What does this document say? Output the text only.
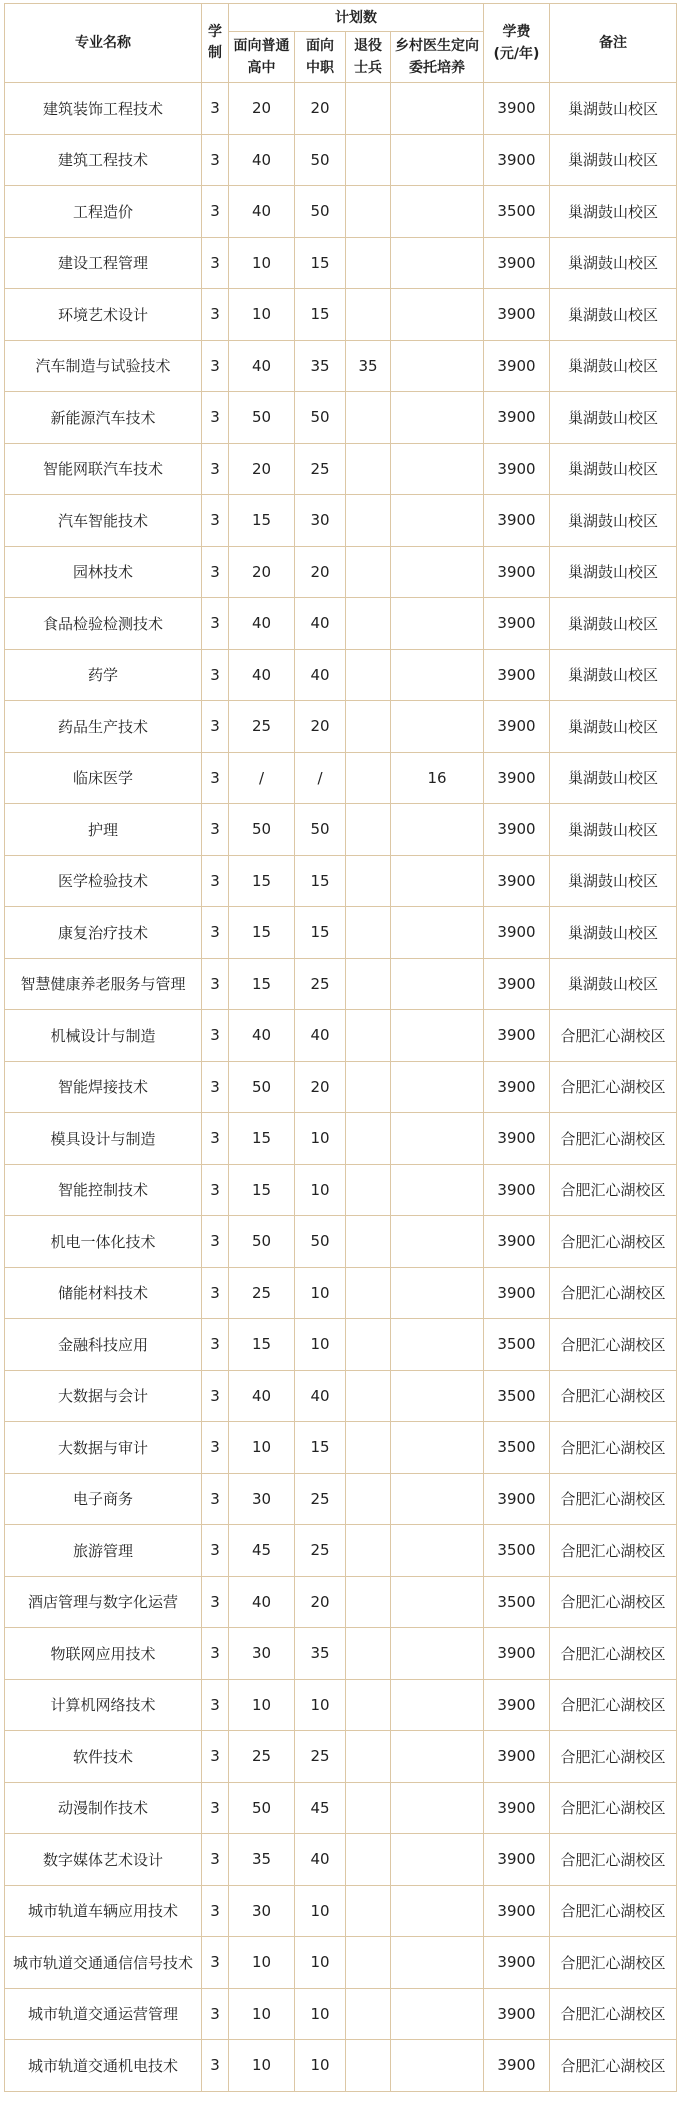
专业名称	学制	计划数				学费(元/年)	备注
		面向普通高中	面向中职	退役士兵	乡村医生定向委托培养		
建筑装饰工程技术	3	20	20			3900	巢湖鼓山校区
建筑工程技术	3	40	50			3900	巢湖鼓山校区
工程造价	3	40	50			3500	巢湖鼓山校区
建设工程管理	3	10	15			3900	巢湖鼓山校区
环境艺术设计	3	10	15			3900	巢湖鼓山校区
汽车制造与试验技术	3	40	35	35		3900	巢湖鼓山校区
新能源汽车技术	3	50	50			3900	巢湖鼓山校区
智能网联汽车技术	3	20	25			3900	巢湖鼓山校区
汽车智能技术	3	15	30			3900	巢湖鼓山校区
园林技术	3	20	20			3900	巢湖鼓山校区
食品检验检测技术	3	40	40			3900	巢湖鼓山校区
药学	3	40	40			3900	巢湖鼓山校区
药品生产技术	3	25	20			3900	巢湖鼓山校区
临床医学	3	/	/		16	3900	巢湖鼓山校区
护理	3	50	50			3900	巢湖鼓山校区
医学检验技术	3	15	15			3900	巢湖鼓山校区
康复治疗技术	3	15	15			3900	巢湖鼓山校区
智慧健康养老服务与管理	3	15	25			3900	巢湖鼓山校区
机械设计与制造	3	40	40			3900	合肥汇心湖校区
智能焊接技术	3	50	20			3900	合肥汇心湖校区
模具设计与制造	3	15	10			3900	合肥汇心湖校区
智能控制技术	3	15	10			3900	合肥汇心湖校区
机电一体化技术	3	50	50			3900	合肥汇心湖校区
储能材料技术	3	25	10			3900	合肥汇心湖校区
金融科技应用	3	15	10			3500	合肥汇心湖校区
大数据与会计	3	40	40			3500	合肥汇心湖校区
大数据与审计	3	10	15			3500	合肥汇心湖校区
电子商务	3	30	25			3900	合肥汇心湖校区
旅游管理	3	45	25			3500	合肥汇心湖校区
酒店管理与数字化运营	3	40	20			3500	合肥汇心湖校区
物联网应用技术	3	30	35			3900	合肥汇心湖校区
计算机网络技术	3	10	10			3900	合肥汇心湖校区
软件技术	3	25	25			3900	合肥汇心湖校区
动漫制作技术	3	50	45			3900	合肥汇心湖校区
数字媒体艺术设计	3	35	40			3900	合肥汇心湖校区
城市轨道车辆应用技术	3	30	10			3900	合肥汇心湖校区
城市轨道交通通信信号技术	3	10	10			3900	合肥汇心湖校区
城市轨道交通运营管理	3	10	10			3900	合肥汇心湖校区
城市轨道交通机电技术	3	10	10			3900	合肥汇心湖校区
